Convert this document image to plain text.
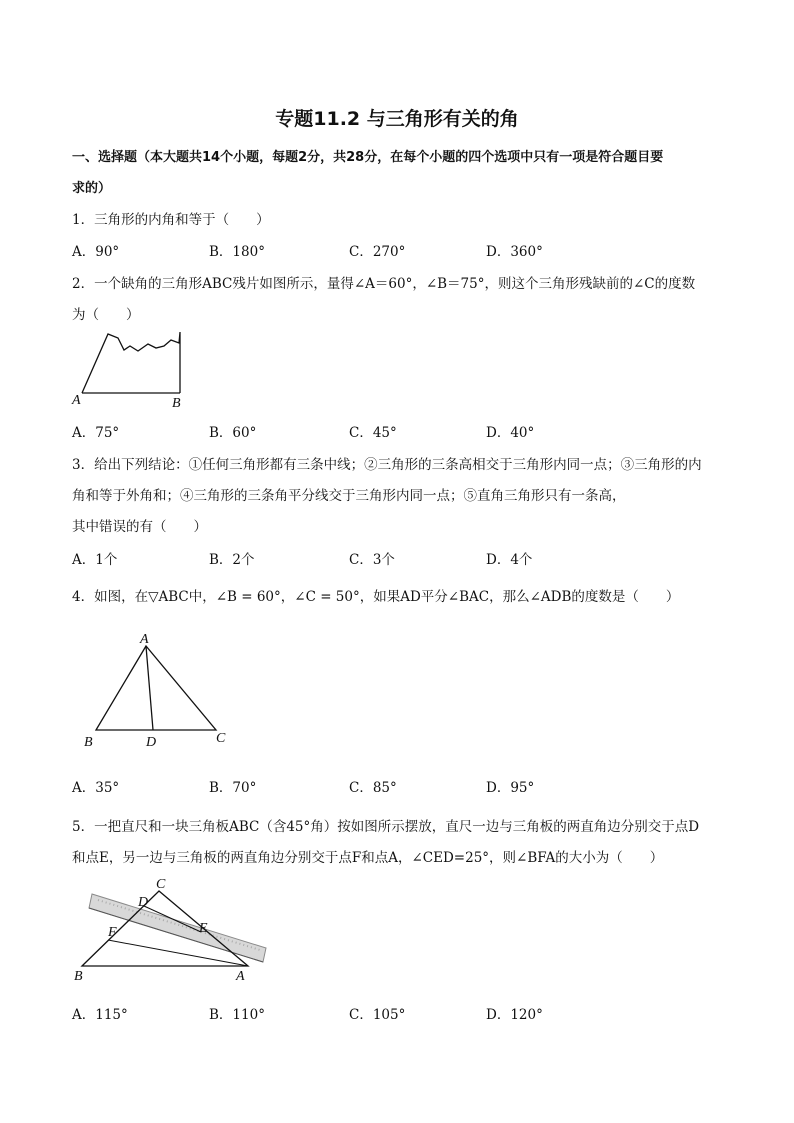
专题11.2 与三角形有关的角
一、选择题（本大题共14个小题，每题2分，共28分，在每个小题的四个选项中只有一项是符合题目要
求的）
1．三角形的内角和等于（　　）
A．90°	B．180°	C．270°	D．360°
2．一个缺角的三角形ABC残片如图所示，量得∠A＝60°，∠B＝75°，则这个三角形残缺前的∠C的度数
为（　　）
A	B
A．75°	B．60°	C．45°	D．40°
3．给出下列结论：①任何三角形都有三条中线；②三角形的三条高相交于三角形内同一点；③三角形的内
角和等于外角和；④三角形的三条角平分线交于三角形内同一点；⑤直角三角形只有一条高，
其中错误的有（　　）
A．1个	B．2个	C．3个	D．4个
4．如图，在▽ABC中，∠B = 60°，∠C = 50°，如果AD平分∠BAC，那么∠ADB的度数是（　　）
A
B	D	C
A．35°	B．70°	C．85°	D．95°
5．一把直尺和一块三角板ABC（含45°角）按如图所示摆放，直尺一边与三角板的两直角边分别交于点D
和点E，另一边与三角板的两直角边分别交于点F和点A，∠CED=25°，则∠BFA的大小为（　　）
C
D
E
F
B	A
A．115°	B．110°	C．105°	D．120°
